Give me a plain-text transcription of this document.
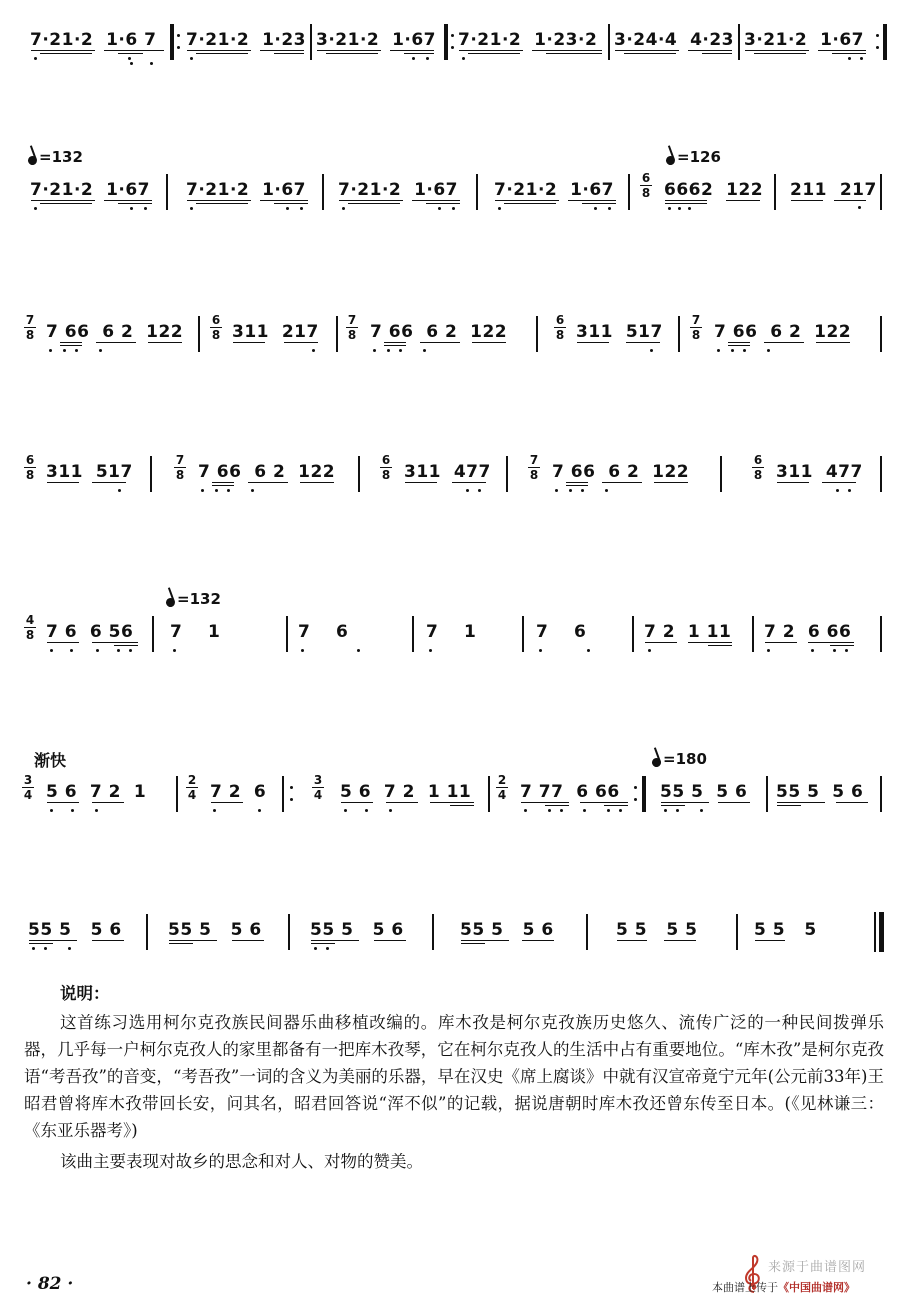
7·21·2  1·6 7 7·21·2  1·23 3·21·2  1·67 7·21·2  1·23·2 3·24·4  4·23 3·21·2  1·67
=132	=126
7·21·2  1·67 7·21·2  1·67 7·21·2  1·67 7·21·2  1·67
6
8 6662  122 211  217
7
8 7 66  6 2  122
6
8 311  217
7
8 7 66  6 2  122
6
8 311  517
7
8 7 66  6 2  122
6
8 311  517
7
8 7 66  6 2  122
6
8 311  477
7
8 7 66  6 2  122
6
8 311  477
=132
4
8 7 6  6 56 7    1	7    6	7    1	7    6	7 2  1 11 7 2  6 66
渐快	=180
3
4 5 6  7 2  1
2
4 7 2  6
3
4 5 6  7 2  1 11
2
4 7 77  6 66 55 5  5 6 55 5  5 6
55 5   5 6	55 5   5 6	55 5   5 6	55 5   5 6	5 5   5 5	5 5   5
说明：

这首练习选用柯尔克孜族民间器乐曲移植改编的。库木孜是柯尔克孜族历史悠久、流传广泛的一种民间拨弹乐器，几乎每一户柯尔克孜人的家里都备有一把库木孜琴，它在柯尔克孜人的生活中占有重要地位。“库木孜”是柯尔克孜语“考吾孜”的音变，“考吾孜”一词的含义为美丽的乐器，早在汉史《席上腐谈》中就有汉宣帝竟宁元年(公元前33年)王昭君曾将库木孜带回长安，问其名，昭君回答说“浑不似”的记载，据说唐朝时库木孜还曾东传至日本。(《见林谦三：《东亚乐器考》)

该曲主要表现对故乡的思念和对人、对物的赞美。

· 82 ·
来源于曲谱图网
本曲谱上传于《中国曲谱网》
